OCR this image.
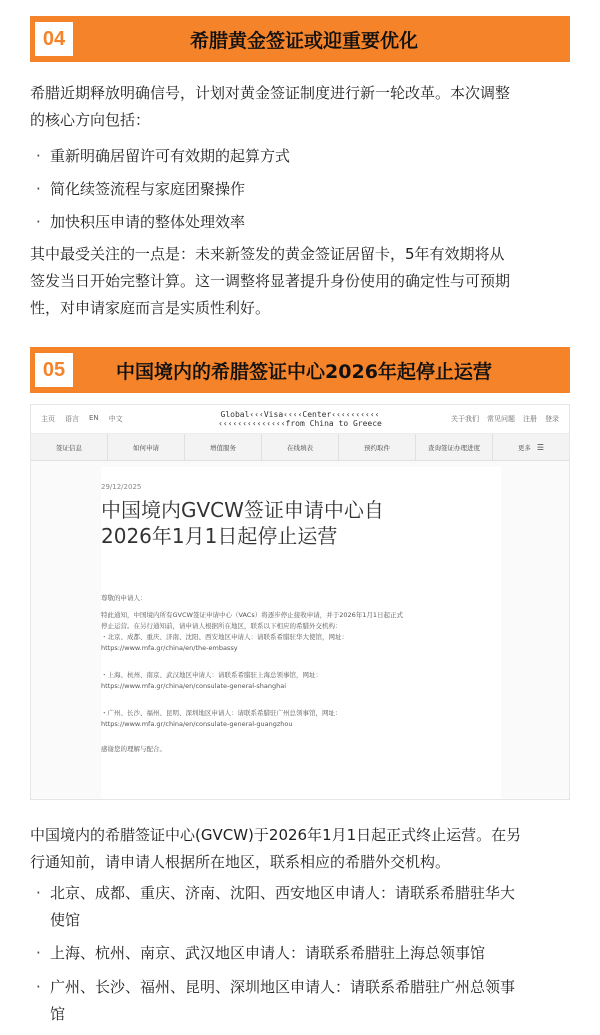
04	希腊黄金签证或迎重要优化
希腊近期释放明确信号，计划对黄金签证制度进行新一轮改革。本次调整
的核心方向包括：
· 重新明确居留许可有效期的起算方式
· 简化续签流程与家庭团聚操作
· 加快积压申请的整体处理效率
其中最受关注的一点是：未来新签发的黄金签证居留卡，5年有效期将从
签发当日开始完整计算。这一调整将显著提升身份使用的确定性与可预期
性，对申请家庭而言是实质性利好。
05	中国境内的希腊签证中心2026年起停止运营
主页 语言 EN 中文	Global‹‹‹Visa‹‹‹‹Center‹‹‹‹‹‹‹‹‹‹
‹‹‹‹‹‹‹‹‹‹‹‹‹‹from China to Greece	关于我们 常见问题 注册 登录
签证信息	如何申请	增值服务	在线填表	预约取件	查询签证办理进度	更多 ☰
29/12/2025
中国境内GVCW签证申请中心自
2026年1月1日起停止运营
尊敬的申请人：
特此通知，中国境内所有GVCW签证申请中心（VACs）将逐步停止接收申请，并于2026年1月1日起正式
停止运营。在另行通知前，请申请人根据所在地区，联系以下相应的希腊外交机构：
・北京、成都、重庆、济南、沈阳、西安地区申请人：请联系希腊驻华大使馆，网址：
https://www.mfa.gr/china/en/the-embassy
・上海、杭州、南京、武汉地区申请人：请联系希腊驻上海总领事馆，网址：
https://www.mfa.gr/china/en/consulate-general-shanghai
・广州、长沙、福州、昆明、深圳地区申请人：请联系希腊驻广州总领事馆，网址：
https://www.mfa.gr/china/en/consulate-general-guangzhou
感谢您的理解与配合。
中国境内的希腊签证中心(GVCW)于2026年1月1日起正式终止运营。在另
行通知前，请申请人根据所在地区，联系相应的希腊外交机构。
· 北京、成都、重庆、济南、沈阳、西安地区申请人：请联系希腊驻华大
使馆
· 上海、杭州、南京、武汉地区申请人：请联系希腊驻上海总领事馆
· 广州、长沙、福州、昆明、深圳地区申请人：请联系希腊驻广州总领事
馆
